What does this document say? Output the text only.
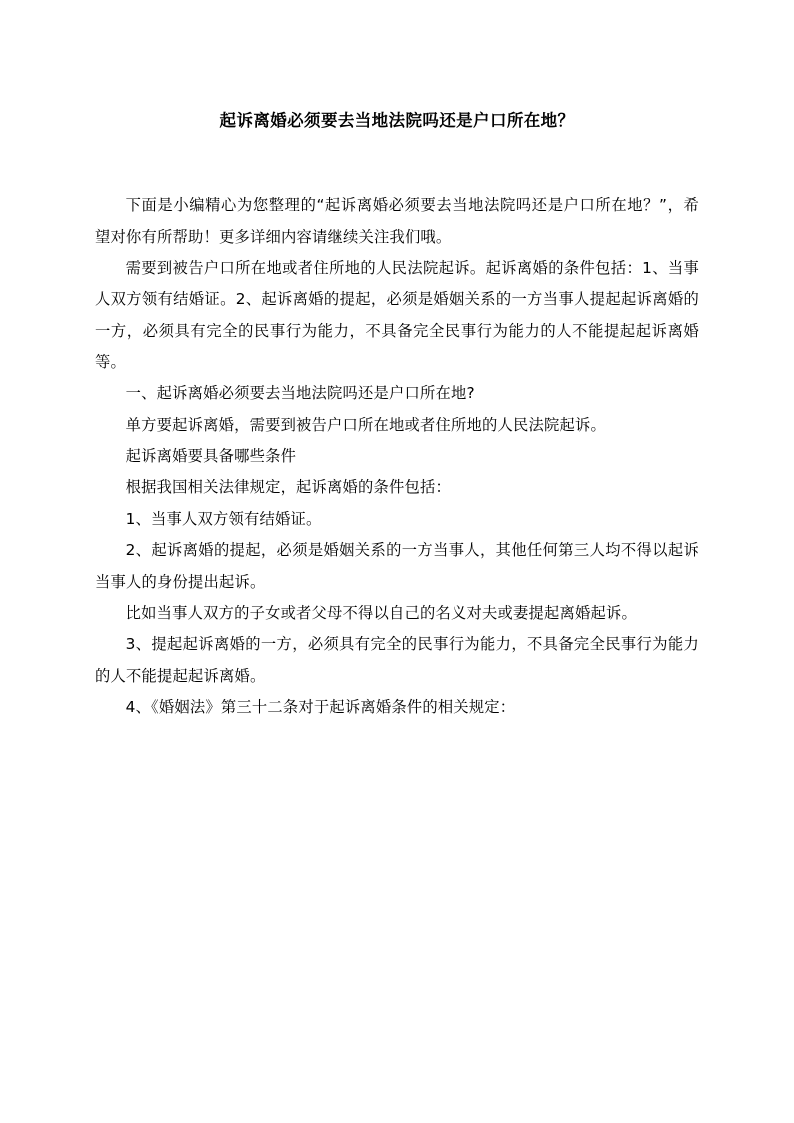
起诉离婚必须要去当地法院吗还是户口所在地？

下面是小编精心为您整理的“起诉离婚必须要去当地法院吗还是户口所在地？”，希望对你有所帮助！更多详细内容请继续关注我们哦。

需要到被告户口所在地或者住所地的人民法院起诉。起诉离婚的条件包括：1、当事人双方领有结婚证。2、起诉离婚的提起，必须是婚姻关系的一方当事人提起起诉离婚的一方，必须具有完全的民事行为能力，不具备完全民事行为能力的人不能提起起诉离婚等。

一、起诉离婚必须要去当地法院吗还是户口所在地?

单方要起诉离婚，需要到被告户口所在地或者住所地的人民法院起诉。

起诉离婚要具备哪些条件

根据我国相关法律规定，起诉离婚的条件包括：

1、当事人双方领有结婚证。

2、起诉离婚的提起，必须是婚姻关系的一方当事人，其他任何第三人均不得以起诉当事人的身份提出起诉。

比如当事人双方的子女或者父母不得以自己的名义对夫或妻提起离婚起诉。

3、提起起诉离婚的一方，必须具有完全的民事行为能力，不具备完全民事行为能力的人不能提起起诉离婚。

4、《婚姻法》第三十二条对于起诉离婚条件的相关规定：
